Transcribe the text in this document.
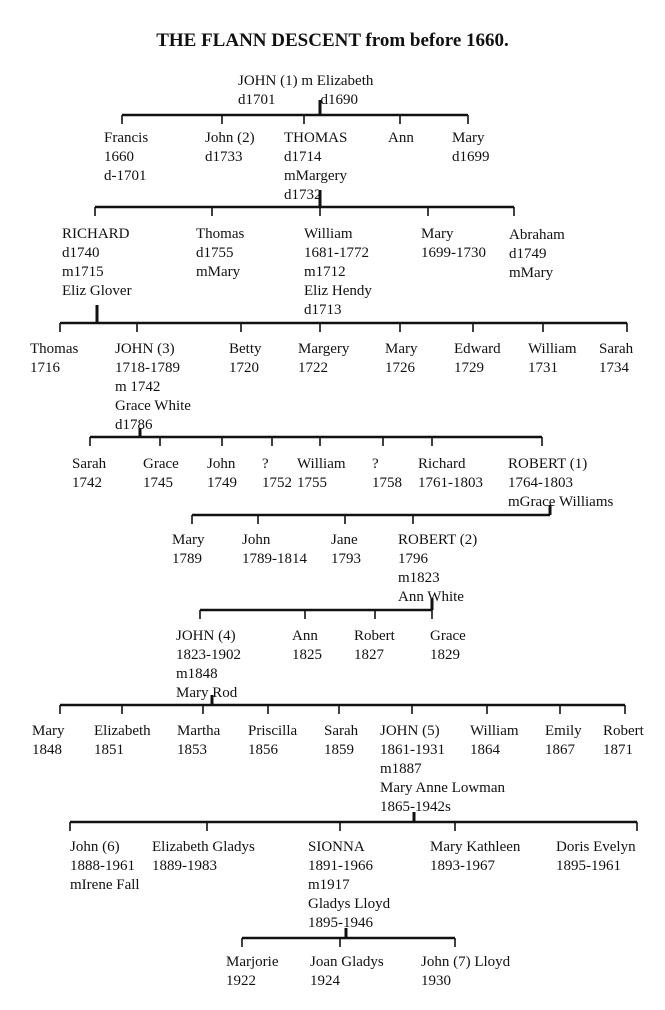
THE FLANN DESCENT from before 1660.
JOHN (1) m Elizabeth
d1701            d1690
Francis
1660
d-1701
John (2)
d1733
THOMAS
d1714
mMargery
d1732
Ann	Mary
d1699
RICHARD
d1740
m1715
Eliz Glover
Thomas
d1755
mMary
William
1681-1772
m1712
Eliz Hendy
d1713
Mary
1699-1730
Abraham
d1749
mMary
Thomas
1716
JOHN (3)
1718-1789
m 1742
Grace White
d1786
Betty
1720
Margery
1722
Mary
1726
Edward
1729
William
1731
Sarah
1734
Sarah
1742
Grace
1745
John
1749
?
1752
William
1755
?
1758
Richard
1761-1803
ROBERT (1)
1764-1803
mGrace Williams
Mary
1789
John
1789-1814
Jane
1793
ROBERT (2)
1796
m1823
Ann White
JOHN (4)
1823-1902
m1848
Mary Rod
Ann
1825
Robert
1827
Grace
1829
Mary
1848
Elizabeth
1851
Martha
1853
Priscilla
1856
Sarah
1859
JOHN (5)
1861-1931
m1887
Mary Anne Lowman
1865-1942s
William
1864
Emily
1867
Robert
1871
John (6)
1888-1961
mIrene Fall
Elizabeth Gladys
1889-1983
SIONNA
1891-1966
m1917
Gladys Lloyd
1895-1946
Mary Kathleen
1893-1967
Doris Evelyn
1895-1961
Marjorie
1922
Joan Gladys
1924
John (7) Lloyd
1930
